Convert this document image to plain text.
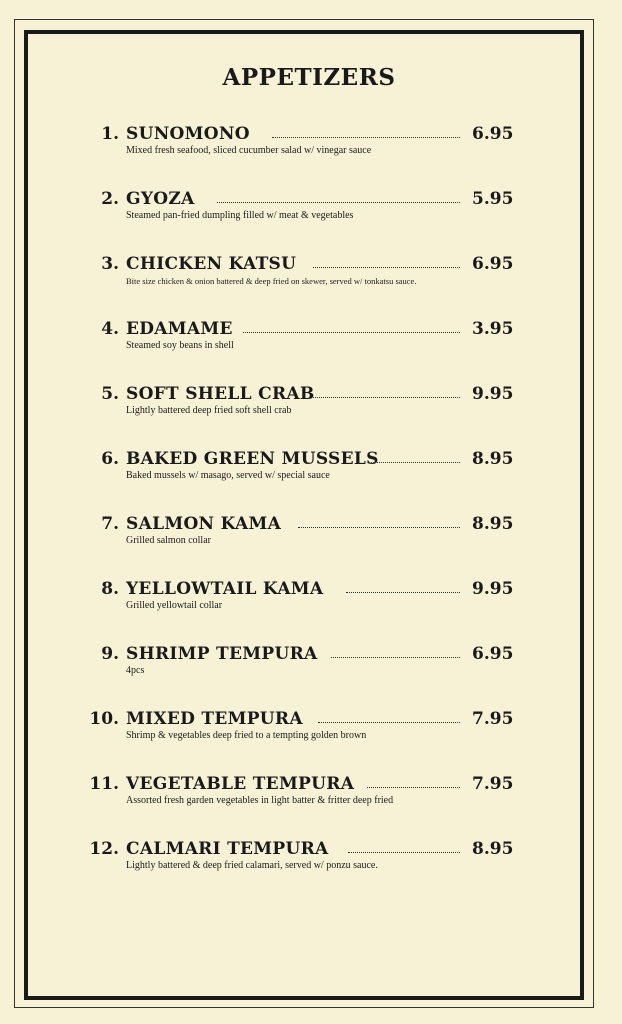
APPETIZERS
1. SUNOMONO	6.95
Mixed fresh seafood, sliced cucumber salad w/ vinegar sauce
2. GYOZA	5.95
Steamed pan-fried dumpling filled w/ meat & vegetables
3. CHICKEN KATSU	6.95
Bite size chicken & onion battered & deep fried on skewer, served w/ tonkatsu sauce.
4. EDAMAME	3.95
Steamed soy beans in shell
5. SOFT SHELL CRAB	9.95
Lightly battered deep fried soft shell crab
6. BAKED GREEN MUSSELS	8.95
Baked mussels w/ masago, served w/ special sauce
7. SALMON KAMA	8.95
Grilled salmon collar
8. YELLOWTAIL KAMA	9.95
Grilled yellowtail collar
9. SHRIMP TEMPURA	6.95
4pcs
10. MIXED TEMPURA	7.95
Shrimp & vegetables deep fried to a tempting golden brown
11. VEGETABLE TEMPURA	7.95
Assorted fresh garden vegetables in light batter & fritter deep fried
12. CALMARI TEMPURA	8.95
Lightly battered & deep fried calamari, served w/ ponzu sauce.
